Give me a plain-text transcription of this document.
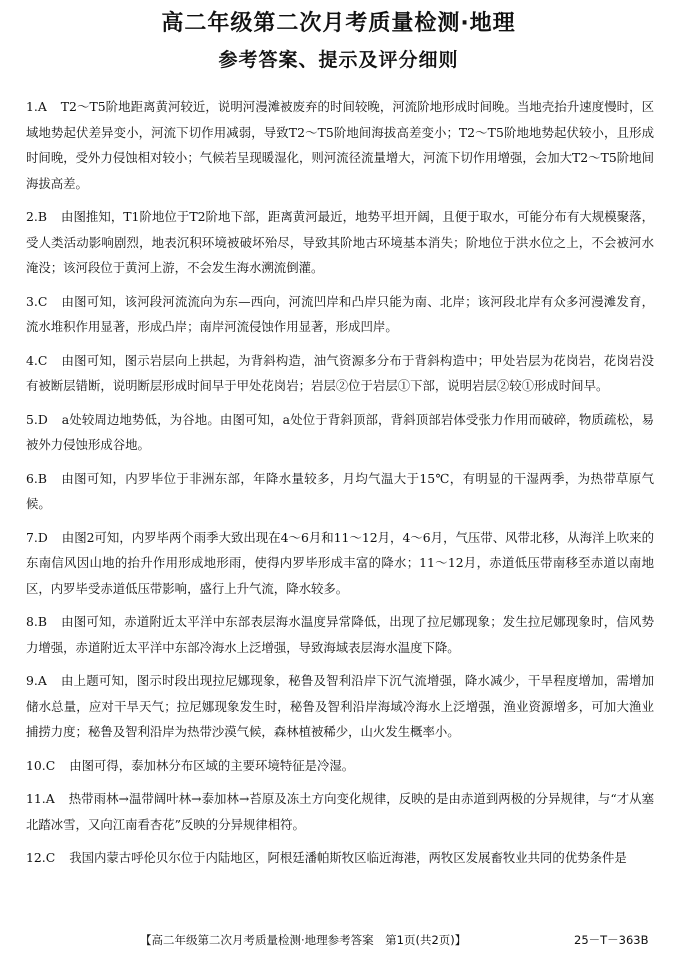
高二年级第二次月考质量检测·地理
参考答案、提示及评分细则
1.A T2～T5阶地距离黄河较近，说明河漫滩被废弃的时间较晚，河流阶地形成时间晚。当地壳抬升速度慢时，区域地势起伏差异变小，河流下切作用减弱，导致T2～T5阶地间海拔高差变小；T2～T5阶地地势起伏较小，且形成时间晚，受外力侵蚀相对较小；气候若呈现暖湿化，则河流径流量增大，河流下切作用增强，会加大T2～T5阶地间海拔高差。
2.B 由图推知，T1阶地位于T2阶地下部，距离黄河最近，地势平坦开阔，且便于取水，可能分布有大规模聚落，受人类活动影响剧烈，地表沉积环境被破坏殆尽，导致其阶地古环境基本消失；阶地位于洪水位之上，不会被河水淹没；该河段位于黄河上游，不会发生海水溯流倒灌。
3.C 由图可知，该河段河流流向为东—西向，河流凹岸和凸岸只能为南、北岸；该河段北岸有众多河漫滩发育，流水堆积作用显著，形成凸岸；南岸河流侵蚀作用显著，形成凹岸。
4.C 由图可知，图示岩层向上拱起，为背斜构造，油气资源多分布于背斜构造中；甲处岩层为花岗岩，花岗岩没有被断层错断，说明断层形成时间早于甲处花岗岩；岩层②位于岩层①下部，说明岩层②较①形成时间早。
5.D a处较周边地势低，为谷地。由图可知，a处位于背斜顶部，背斜顶部岩体受张力作用而破碎，物质疏松，易被外力侵蚀形成谷地。
6.B 由图可知，内罗毕位于非洲东部，年降水量较多，月均气温大于15℃，有明显的干湿两季，为热带草原气候。
7.D 由图2可知，内罗毕两个雨季大致出现在4～6月和11～12月，4～6月，气压带、风带北移，从海洋上吹来的东南信风因山地的抬升作用形成地形雨，使得内罗毕形成丰富的降水；11～12月，赤道低压带南移至赤道以南地区，内罗毕受赤道低压带影响，盛行上升气流，降水较多。
8.B 由图可知，赤道附近太平洋中东部表层海水温度异常降低，出现了拉尼娜现象；发生拉尼娜现象时，信风势力增强，赤道附近太平洋中东部冷海水上泛增强，导致海域表层海水温度下降。
9.A 由上题可知，图示时段出现拉尼娜现象，秘鲁及智利沿岸下沉气流增强，降水减少，干旱程度增加，需增加储水总量，应对干旱天气；拉尼娜现象发生时，秘鲁及智利沿岸海域冷海水上泛增强，渔业资源增多，可加大渔业捕捞力度；秘鲁及智利沿岸为热带沙漠气候，森林植被稀少，山火发生概率小。
10.C 由图可得，泰加林分布区域的主要环境特征是冷湿。
11.A 热带雨林→温带阔叶林→泰加林→苔原及冻土方向变化规律，反映的是由赤道到两极的分异规律，与“才从塞北踏冰雪，又向江南看杏花”反映的分异规律相符。
12.C 我国内蒙古呼伦贝尔位于内陆地区，阿根廷潘帕斯牧区临近海港，两牧区发展畜牧业共同的优势条件是
【高二年级第二次月考质量检测·地理参考答案　第1页(共2页)】	25－T－363B
